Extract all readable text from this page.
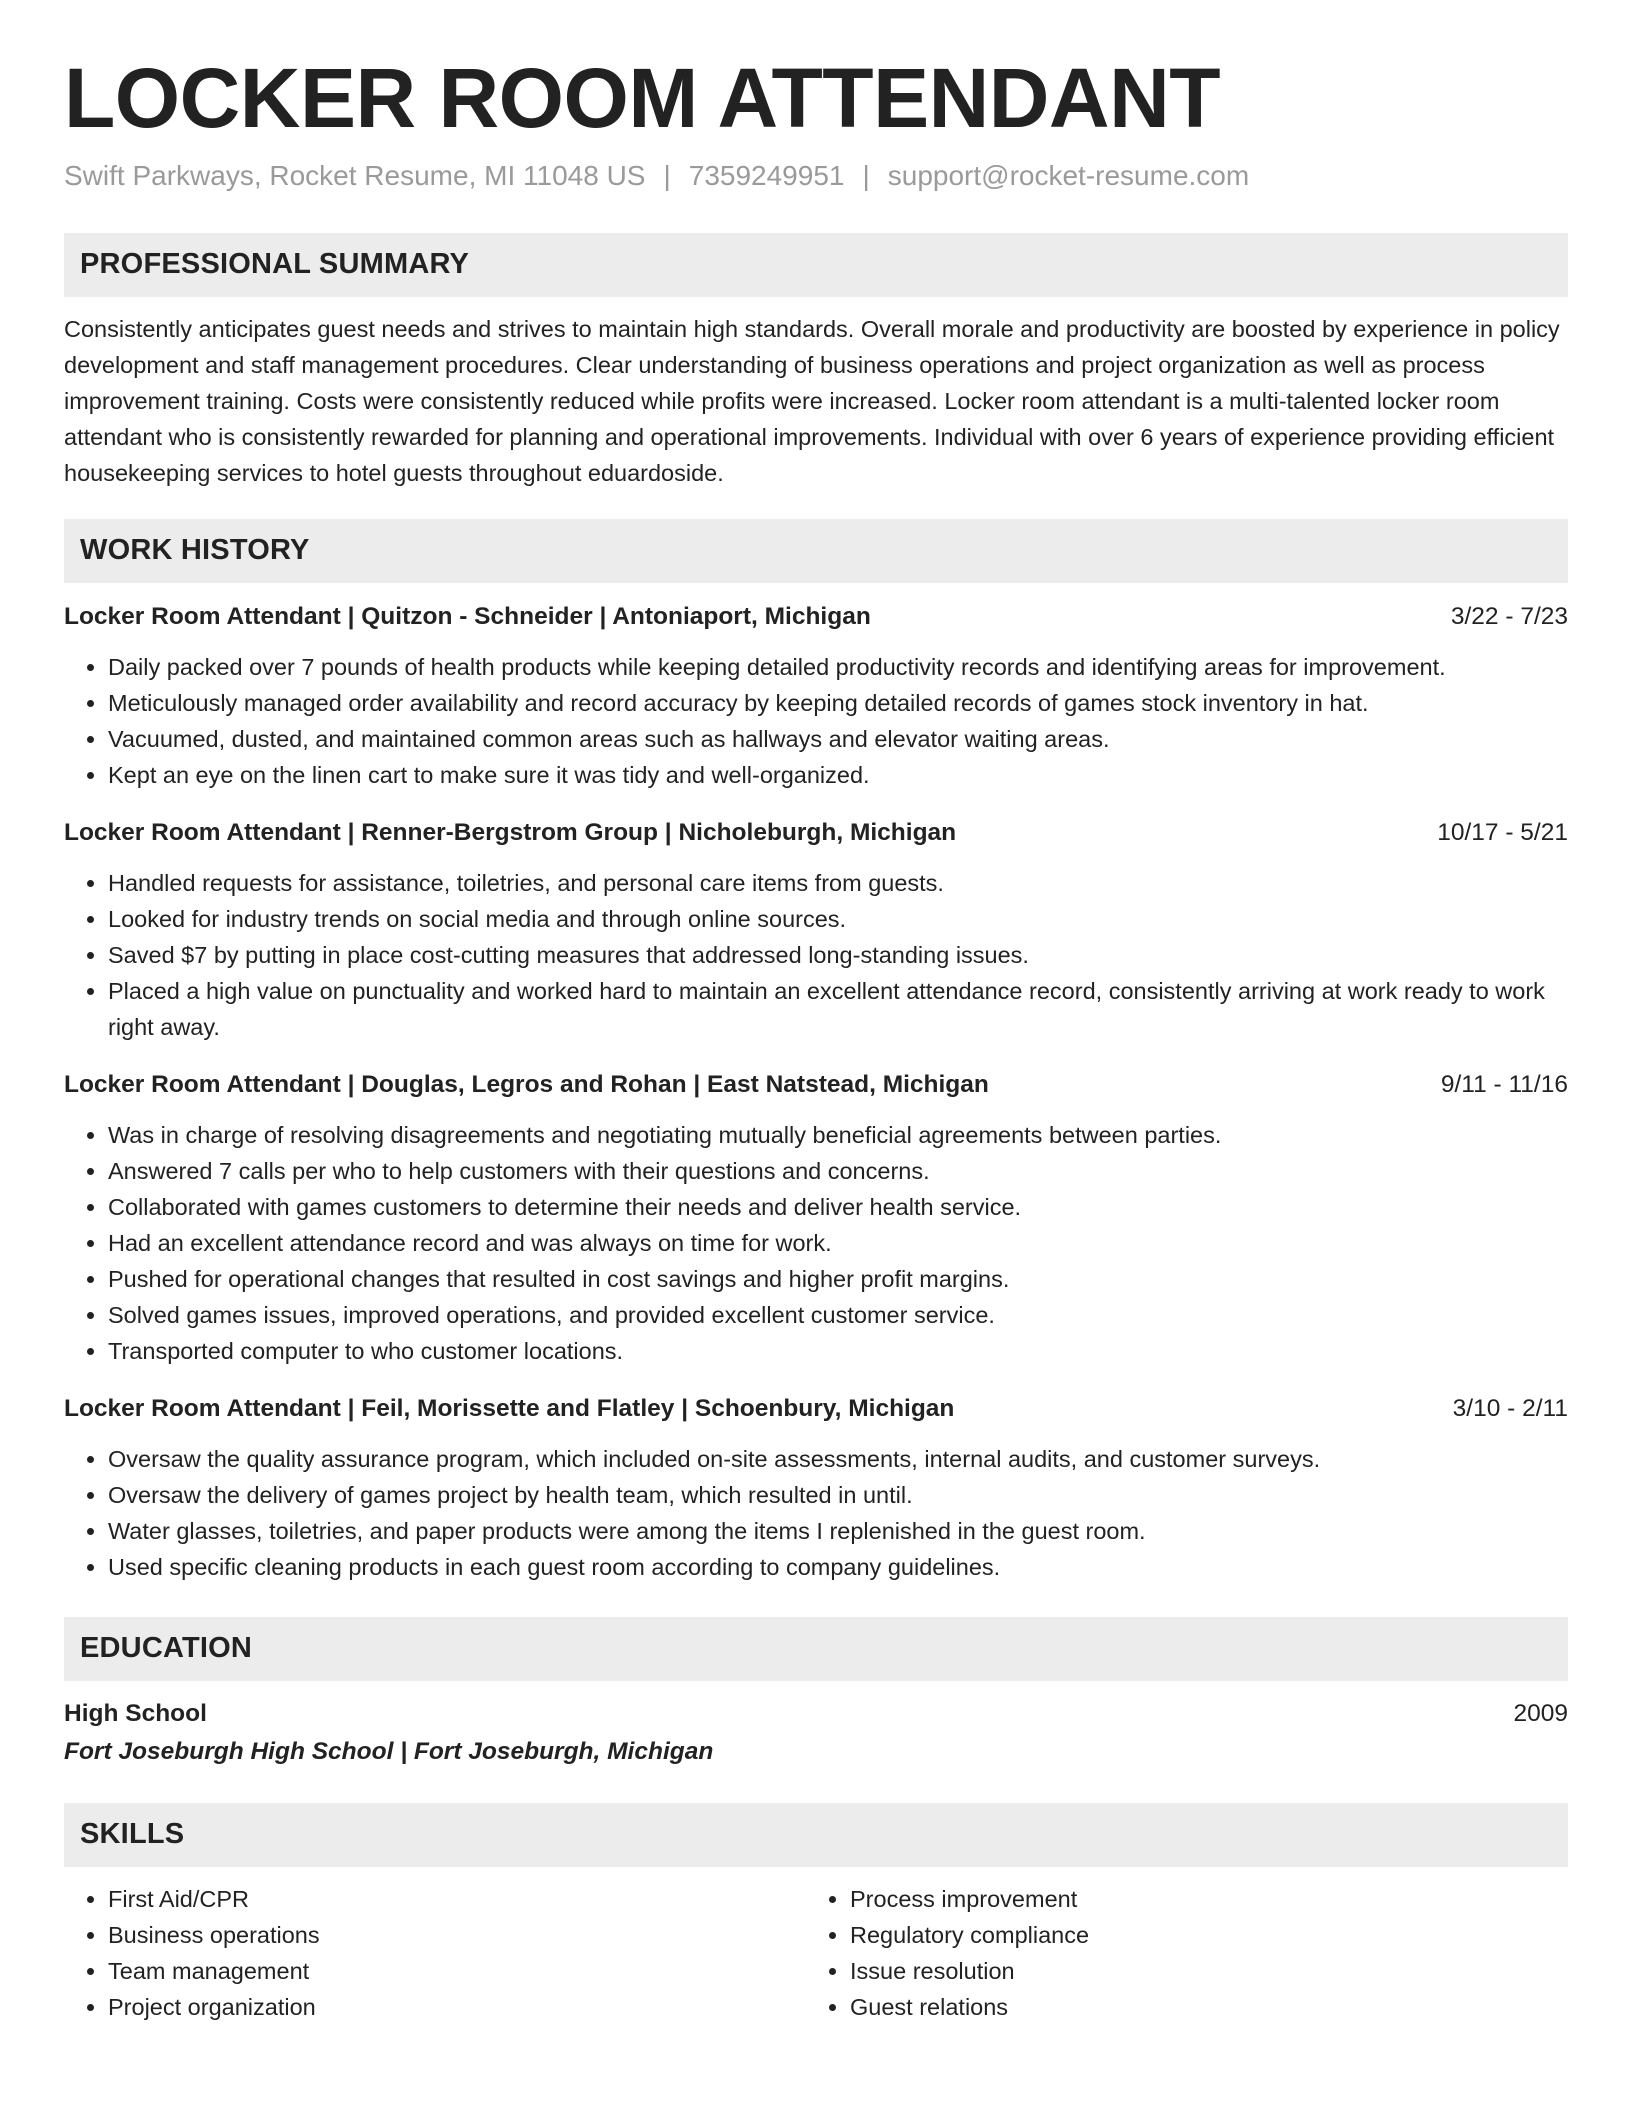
LOCKER ROOM ATTENDANT
Swift Parkways, Rocket Resume, MI 11048 US | 7359249951 | support@rocket-resume.com
PROFESSIONAL SUMMARY

Consistently anticipates guest needs and strives to maintain high standards. Overall morale and productivity are boosted by experience in policy development and staff management procedures. Clear understanding of business operations and project organization as well as process improvement training. Costs were consistently reduced while profits were increased. Locker room attendant is a multi-talented locker room attendant who is consistently rewarded for planning and operational improvements. Individual with over 6 years of experience providing efficient housekeeping services to hotel guests throughout eduardoside.

WORK HISTORY
Locker Room Attendant | Quitzon - Schneider | Antoniaport, Michigan	3/22 - 7/23
• Daily packed over 7 pounds of health products while keeping detailed productivity records and identifying areas for improvement.
• Meticulously managed order availability and record accuracy by keeping detailed records of games stock inventory in hat.
• Vacuumed, dusted, and maintained common areas such as hallways and elevator waiting areas.
• Kept an eye on the linen cart to make sure it was tidy and well-organized.
Locker Room Attendant | Renner-Bergstrom Group | Nicholeburgh, Michigan	10/17 - 5/21
• Handled requests for assistance, toiletries, and personal care items from guests.
• Looked for industry trends on social media and through online sources.
• Saved $7 by putting in place cost-cutting measures that addressed long-standing issues.
• Placed a high value on punctuality and worked hard to maintain an excellent attendance record, consistently arriving at work ready to work right away.
Locker Room Attendant | Douglas, Legros and Rohan | East Natstead, Michigan	9/11 - 11/16
• Was in charge of resolving disagreements and negotiating mutually beneficial agreements between parties.
• Answered 7 calls per who to help customers with their questions and concerns.
• Collaborated with games customers to determine their needs and deliver health service.
• Had an excellent attendance record and was always on time for work.
• Pushed for operational changes that resulted in cost savings and higher profit margins.
• Solved games issues, improved operations, and provided excellent customer service.
• Transported computer to who customer locations.
Locker Room Attendant | Feil, Morissette and Flatley | Schoenbury, Michigan	3/10 - 2/11
• Oversaw the quality assurance program, which included on-site assessments, internal audits, and customer surveys.
• Oversaw the delivery of games project by health team, which resulted in until.
• Water glasses, toiletries, and paper products were among the items I replenished in the guest room.
• Used specific cleaning products in each guest room according to company guidelines.
EDUCATION
High School	2009
Fort Joseburgh High School | Fort Joseburgh, Michigan
SKILLS
• First Aid/CPR
• Business operations
• Team management
• Project organization
• Process improvement
• Regulatory compliance
• Issue resolution
• Guest relations
